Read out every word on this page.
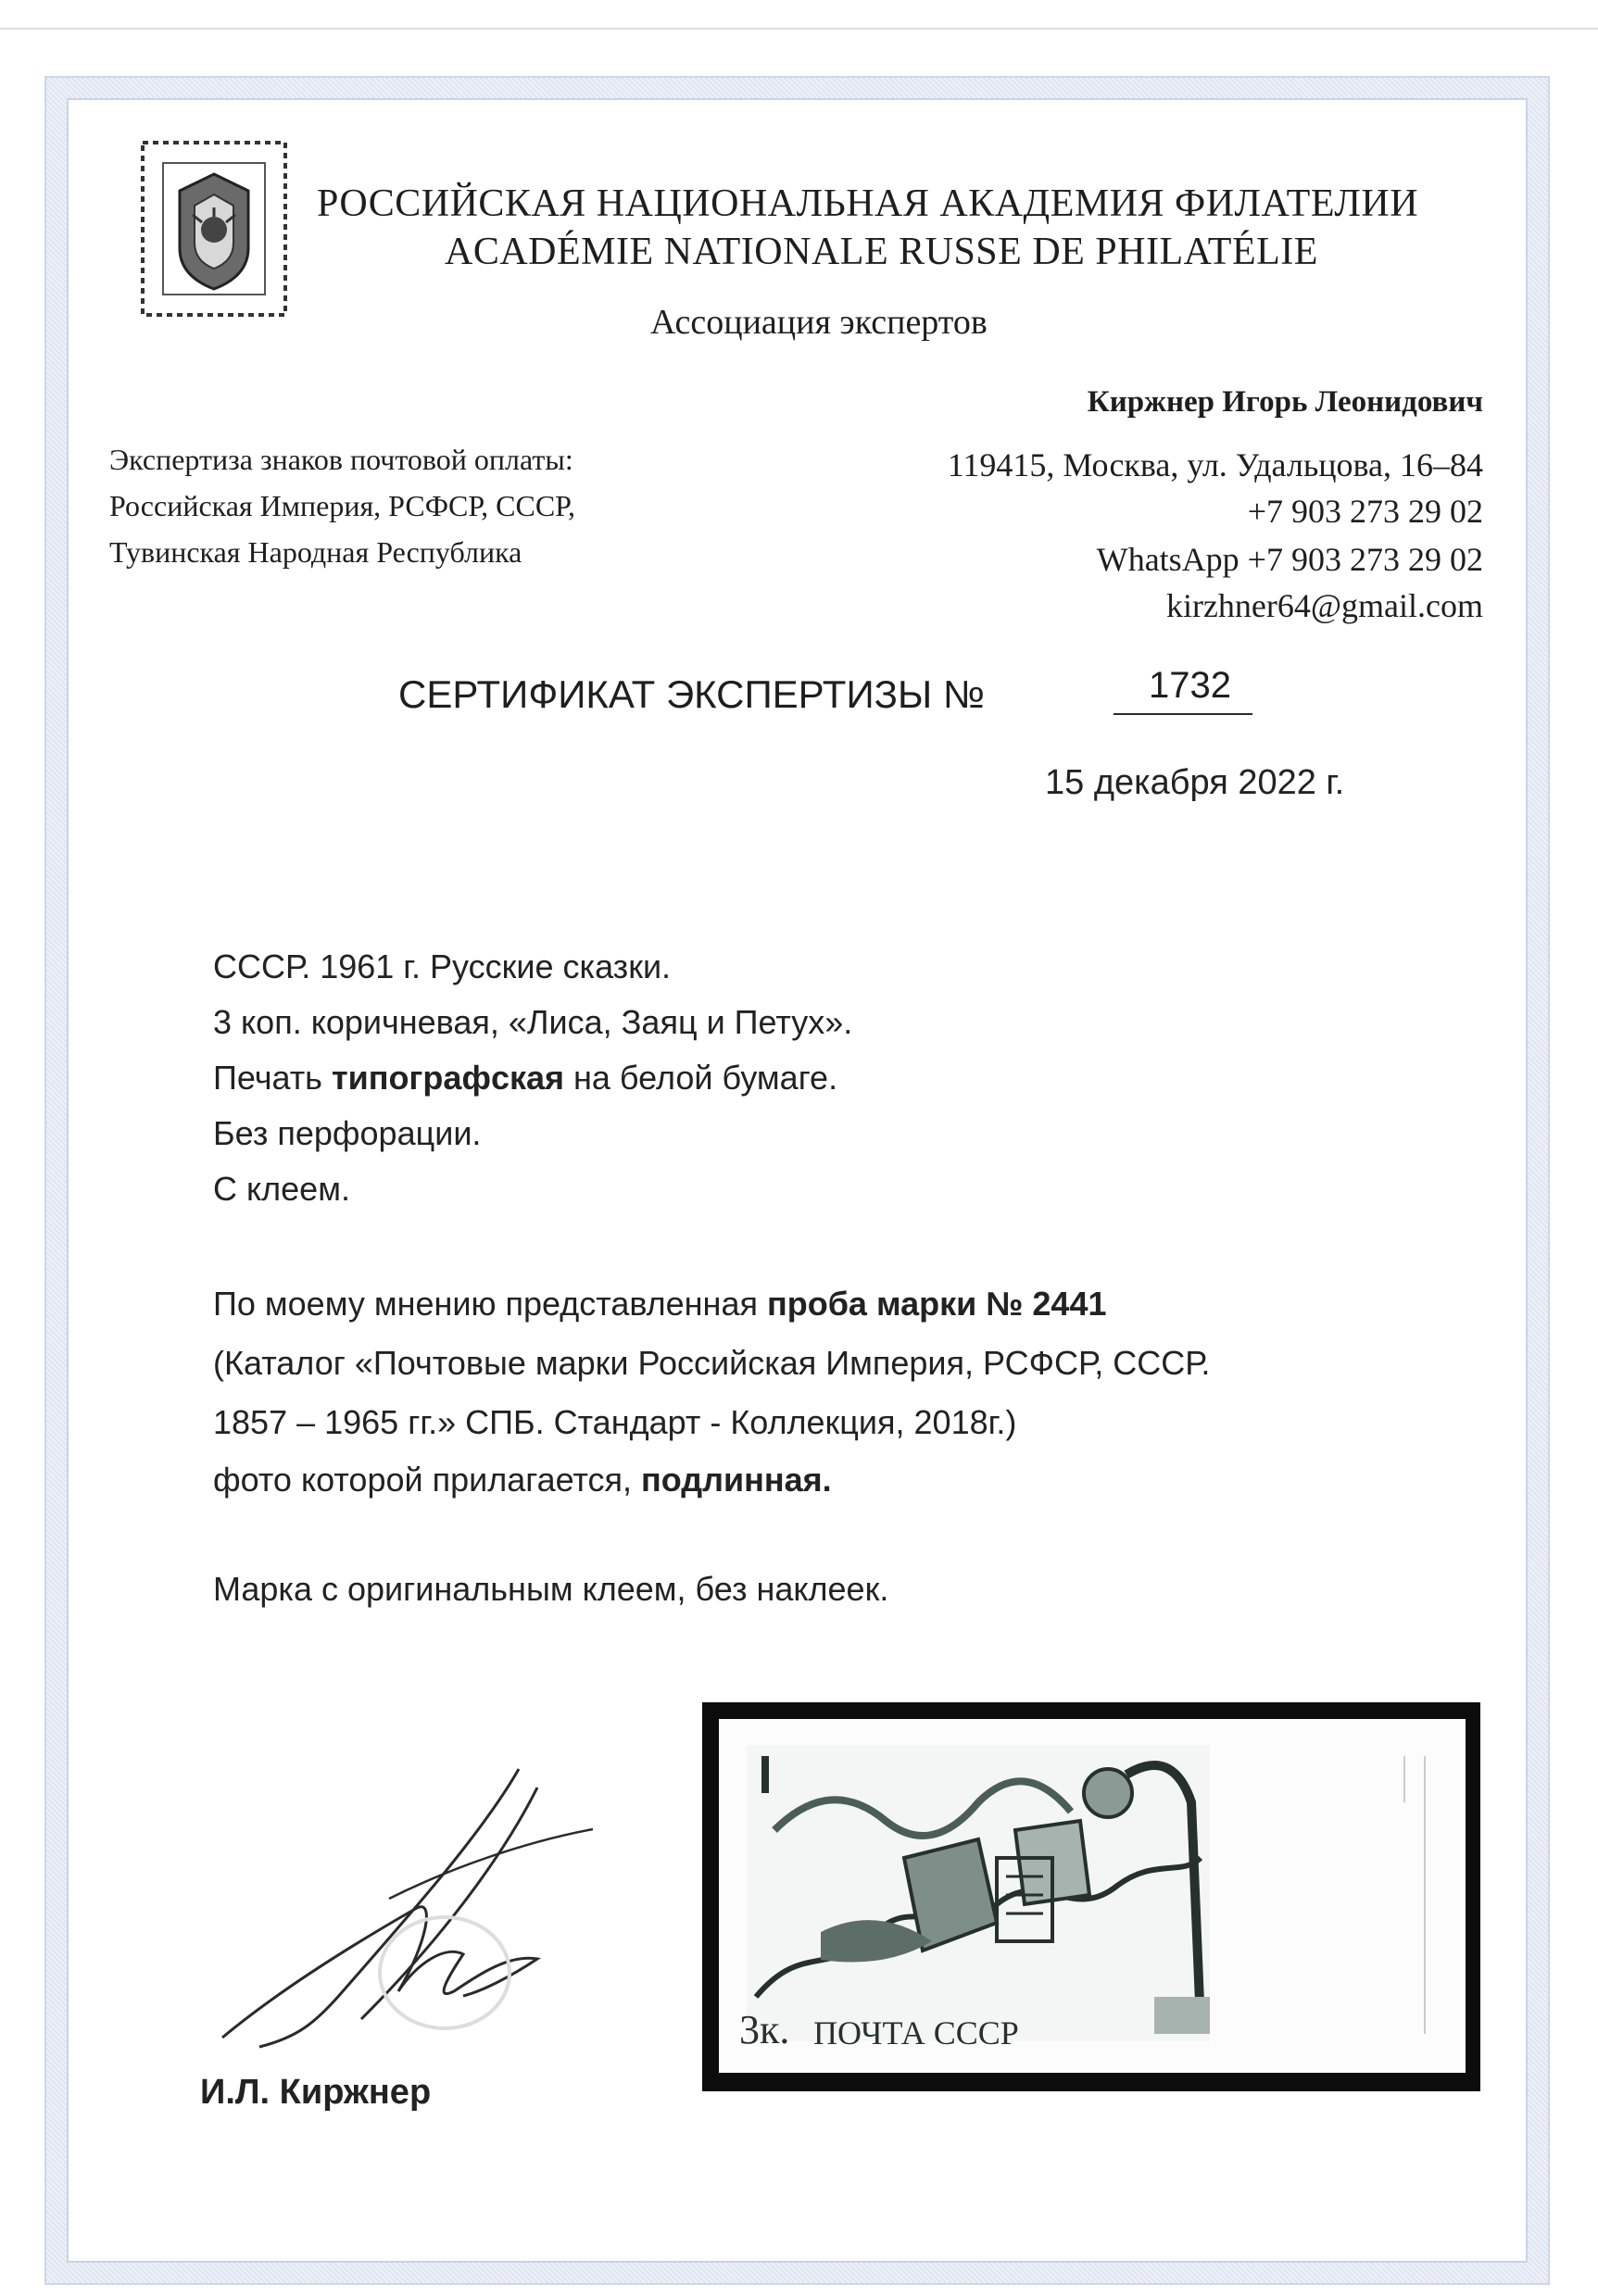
РОССИЙСКАЯ НАЦИОНАЛЬНАЯ АКАДЕМИЯ ФИЛАТЕЛИИ
ACADÉMIE NATIONALE RUSSE DE PHILATÉLIE
Ассоциация экспертов
Киржнер Игорь Леонидович
Экспертиза знаков почтовой оплаты:
Российская Империя, РСФСР, СССР,
Тувинская Народная Республика
119415, Москва, ул. Удальцова, 16–84
+7 903 273 29 02
WhatsApp +7 903 273 29 02
kirzhner64@gmail.com
СЕРТИФИКАТ ЭКСПЕРТИЗЫ №	1732
15 декабря 2022 г.
СССР. 1961 г. Русские сказки.
3 коп. коричневая, «Лиса, Заяц и Петух».
Печать типографская на белой бумаге.
Без перфорации.
С клеем.
По моему мнению представленная проба марки № 2441
(Каталог «Почтовые марки Российская Империя, РСФСР, СССР.
1857 – 1965 гг.» СПБ. Стандарт - Коллекция, 2018г.)
фото которой прилагается, подлинная.
Марка с оригинальным клеем, без наклеек.
3к. ПОЧТА СССР
И.Л. Киржнер
